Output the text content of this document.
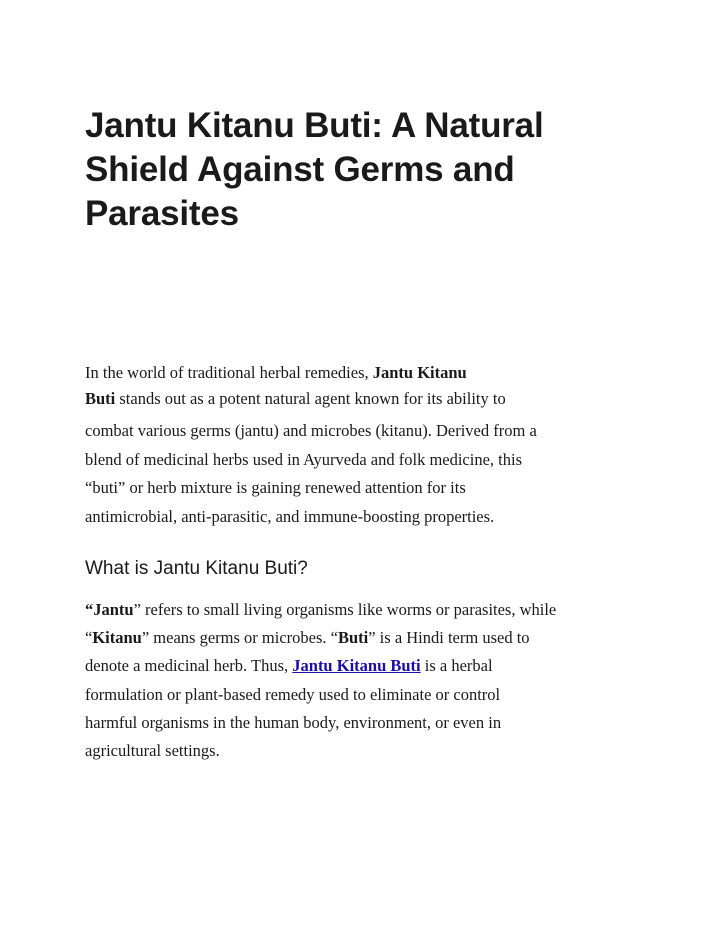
Jantu Kitanu Buti: A Natural Shield Against Germs and Parasites

In the world of traditional herbal remedies, Jantu Kitanu
Buti stands out as a potent natural agent known for its ability to
combat various germs (jantu) and microbes (kitanu). Derived from a
blend of medicinal herbs used in Ayurveda and folk medicine, this
“buti” or herb mixture is gaining renewed attention for its
antimicrobial, anti-parasitic, and immune-boosting properties.

What is Jantu Kitanu Buti?

“Jantu” refers to small living organisms like worms or parasites, while
“Kitanu” means germs or microbes. “Buti” is a Hindi term used to
denote a medicinal herb. Thus, Jantu Kitanu Buti is a herbal
formulation or plant-based remedy used to eliminate or control
harmful organisms in the human body, environment, or even in
agricultural settings.
